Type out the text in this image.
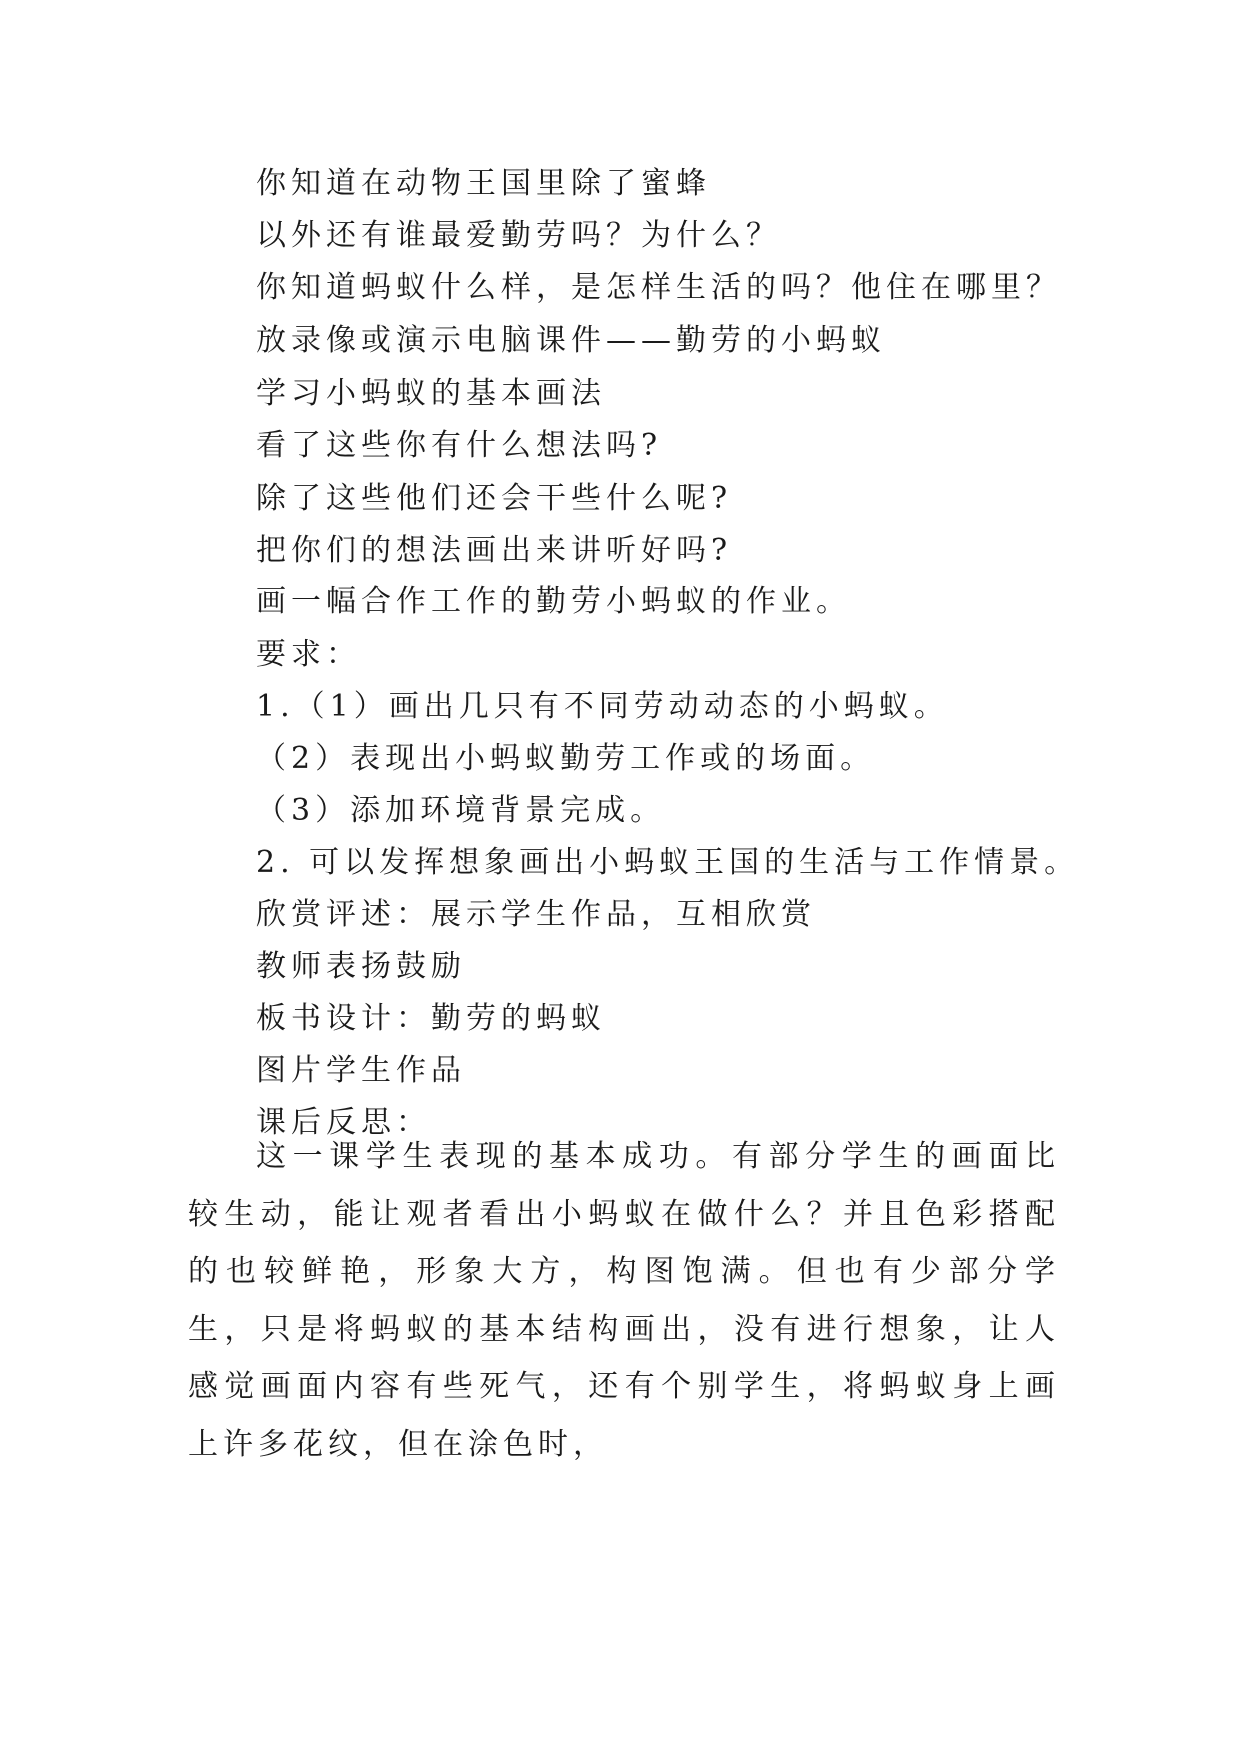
你知道在动物王国里除了蜜蜂

以外还有谁最爱勤劳吗？为什么？

你知道蚂蚁什么样，是怎样生活的吗？他住在哪里？

放录像或演示电脑课件——勤劳的小蚂蚁

学习小蚂蚁的基本画法

看了这些你有什么想法吗?

除了这些他们还会干些什么呢?

把你们的想法画出来讲听好吗?

画一幅合作工作的勤劳小蚂蚁的作业。

要求：

1.（1）画出几只有不同劳动动态的小蚂蚁。

（2）表现出小蚂蚁勤劳工作或的场面。

（3）添加环境背景完成。

2. 可以发挥想象画出小蚂蚁王国的生活与工作情景。

欣赏评述：展示学生作品，互相欣赏

教师表扬鼓励

板书设计：勤劳的蚂蚁

图片学生作品

课后反思：

这一课学生表现的基本成功。有部分学生的画面比较生动，能让观者看出小蚂蚁在做什么？并且色彩搭配的也较鲜艳，形象大方，构图饱满。但也有少部分学生，只是将蚂蚁的基本结构画出，没有进行想象，让人感觉画面内容有些死气，还有个别学生，将蚂蚁身上画上许多花纹，但在涂色时，
